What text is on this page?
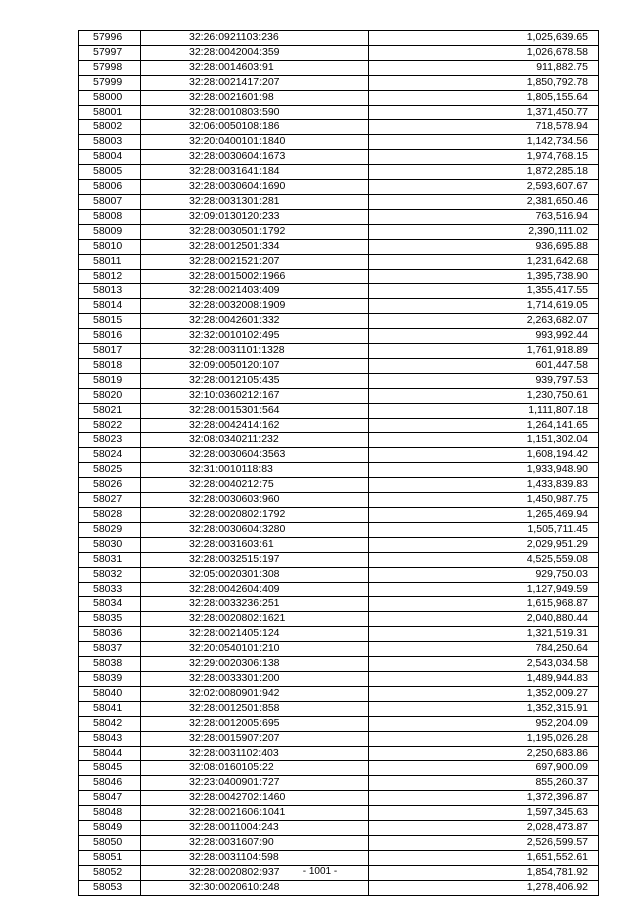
57996	32:26:0921103:236	1,025,639.65
57997	32:28:0042004:359	1,026,678.58
57998	32:28:0014603:91	911,882.75
57999	32:28:0021417:207	1,850,792.78
58000	32:28:0021601:98	1,805,155.64
58001	32:28:0010803:590	1,371,450.77
58002	32:06:0050108:186	718,578.94
58003	32:20:0400101:1840	1,142,734.56
58004	32:28:0030604:1673	1,974,768.15
58005	32:28:0031641:184	1,872,285.18
58006	32:28:0030604:1690	2,593,607.67
58007	32:28:0031301:281	2,381,650.46
58008	32:09:0130120:233	763,516.94
58009	32:28:0030501:1792	2,390,111.02
58010	32:28:0012501:334	936,695.88
58011	32:28:0021521:207	1,231,642.68
58012	32:28:0015002:1966	1,395,738.90
58013	32:28:0021403:409	1,355,417.55
58014	32:28:0032008:1909	1,714,619.05
58015	32:28:0042601:332	2,263,682.07
58016	32:32:0010102:495	993,992.44
58017	32:28:0031101:1328	1,761,918.89
58018	32:09:0050120:107	601,447.58
58019	32:28:0012105:435	939,797.53
58020	32:10:0360212:167	1,230,750.61
58021	32:28:0015301:564	1,111,807.18
58022	32:28:0042414:162	1,264,141.65
58023	32:08:0340211:232	1,151,302.04
58024	32:28:0030604:3563	1,608,194.42
58025	32:31:0010118:83	1,933,948.90
58026	32:28:0040212:75	1,433,839.83
58027	32:28:0030603:960	1,450,987.75
58028	32:28:0020802:1792	1,265,469.94
58029	32:28:0030604:3280	1,505,711.45
58030	32:28:0031603:61	2,029,951.29
58031	32:28:0032515:197	4,525,559.08
58032	32:05:0020301:308	929,750.03
58033	32:28:0042604:409	1,127,949.59
58034	32:28:0033236:251	1,615,968.87
58035	32:28:0020802:1621	2,040,880.44
58036	32:28:0021405:124	1,321,519.31
58037	32:20:0540101:210	784,250.64
58038	32:29:0020306:138	2,543,034.58
58039	32:28:0033301:200	1,489,944.83
58040	32:02:0080901:942	1,352,009.27
58041	32:28:0012501:858	1,352,315.91
58042	32:28:0012005:695	952,204.09
58043	32:28:0015907:207	1,195,026.28
58044	32:28:0031102:403	2,250,683.86
58045	32:08:0160105:22	697,900.09
58046	32:23:0400901:727	855,260.37
58047	32:28:0042702:1460	1,372,396.87
58048	32:28:0021606:1041	1,597,345.63
58049	32:28:0011004:243	2,028,473.87
58050	32:28:0031607:90	2,526,599.57
58051	32:28:0031104:598	1,651,552.61
58052	32:28:0020802:937	1,854,781.92
58053	32:30:0020610:248	1,278,406.92
- 1001 -
